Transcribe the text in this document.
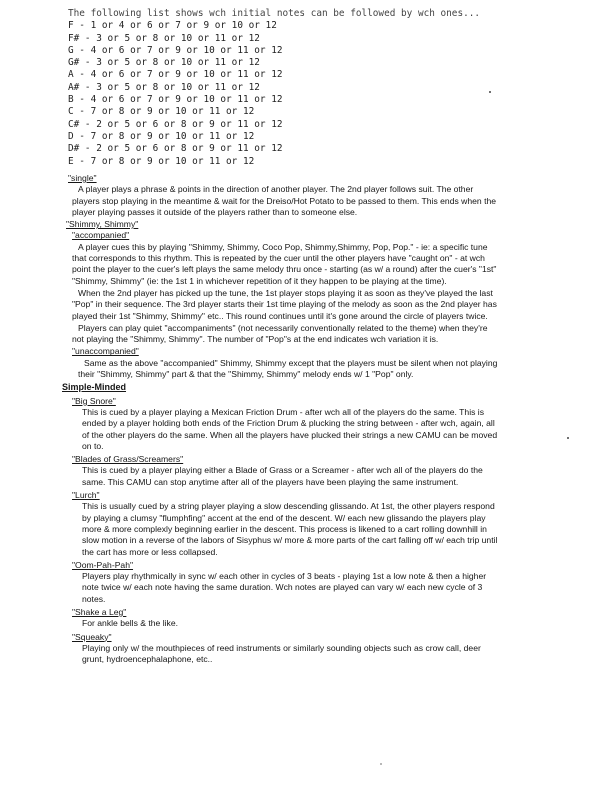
The following list shows wch initial notes can be followed by wch ones...
F - 1 or 4 or 6 or 7 or 9 or 10 or 12
F# - 3 or 5 or 8 or 10 or 11 or 12
G - 4 or 6 or 7 or 9 or 10 or 11 or 12
G# - 3 or 5 or 8 or 10 or 11 or 12
A - 4 or 6 or 7 or 9 or 10 or 11 or 12
A# - 3 or 5 or 8 or 10 or 11 or 12
B - 4 or 6 or 7 or 9 or 10 or 11 or 12
C - 7 or 8 or 9 or 10 or 11 or 12
C# - 2 or 5 or 6 or 8 or 9 or 11 or 12
D - 7 or 8 or 9 or 10 or 11 or 12
D# - 2 or 5 or 6 or 8 or 9 or 11 or 12
E - 7 or 8 or 9 or 10 or 11 or 12
"single"
A player plays a phrase & points in the direction of another player. The 2nd player follows suit. The other players stop playing in the meantime & wait for the Dreiso/Hot Potato to be passed to them. This ends when the player playing passes it outside of the players rather than to someone else.
"Shimmy, Shimmy"
"accompanied"
A player cues this by playing "Shimmy, Shimmy, Coco Pop, Shimmy,Shimmy, Pop, Pop." - ie: a specific tune that corresponds to this rhythm. This is repeated by the cuer until the other players have "caught on" - at wch point the player to the cuer's left plays the same melody thru once - starting (as w/ a round) after the cuer's "1st" "Shimmy, Shimmy" (ie: the 1st 1 in whichever repetition of it they happen to be playing at the time).
When the 2nd player has picked up the tune, the 1st player stops playing it as soon as they've played the last "Pop" in their sequence. The 3rd player starts their 1st time playing of the melody as soon as the 2nd player has played their 1st "Shimmy, Shimmy" etc.. This round continues until it's gone around the circle of players twice.
Players can play quiet "accompaniments" (not necessarily conventionally related to the theme) when they're not playing the "Shimmy, Shimmy". The number of "Pop"s at the end indicates wch variation it is.
"unaccompanied"
Same as the above "accompanied" Shimmy, Shimmy except that the players must be silent when not playing their "Shimmy, Shimmy" part & that the "Shimmy, Shimmy" melody ends w/ 1 "Pop" only.
Simple-Minded
"Big Snore"
This is cued by a player playing a Mexican Friction Drum - after wch all of the players do the same. This is ended by a player holding both ends of the Friction Drum & plucking the string between - after wch, again, all of the other players do the same. When all the players have plucked their strings a new CAMU can be moved on to.
"Blades of Grass/Screamers"
This is cued by a player playing either a Blade of Grass or a Screamer - after wch all of the players do the same. This CAMU can stop anytime after all of the players have been playing the same instrument.
"Lurch"
This is usually cued by a string player playing a slow descending glissando. At 1st, the other players respond by playing a clumsy "flumphfing" accent at the end of the descent. W/ each new glissando the players play more & more complexly beginning earlier in the descent. This process is likened to a cart rolling downhill in slow motion in a reverse of the labors of Sisyphus w/ more & more parts of the cart falling off w/ each trip until the cart has more or less collapsed.
"Oom-Pah-Pah"
Players play rhythmically in sync w/ each other in cycles of 3 beats - playing 1st a low note & then a higher note twice w/ each note having the same duration. Wch notes are played can vary w/ each new cycle of 3 notes.
"Shake a Leg"
For ankle bells & the like.
"Squeaky"
Playing only w/ the mouthpieces of reed instruments or similarly sounding objects such as crow call, deer grunt, hydroencephalaphone, etc..
